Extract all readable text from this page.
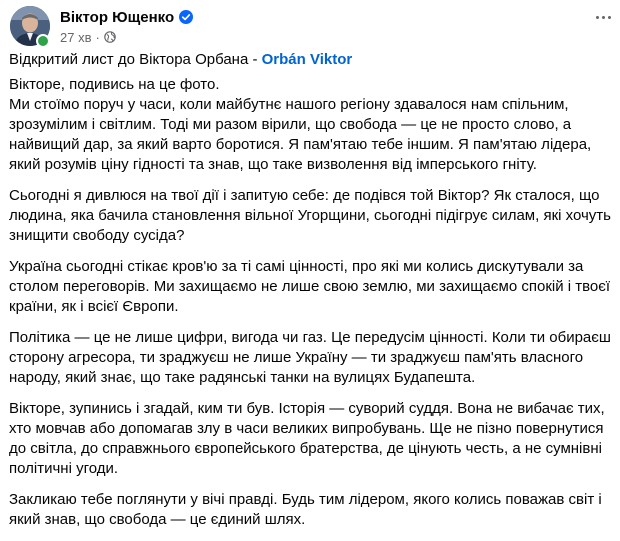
Віктор Ющенко
27 хв ·

Відкритий лист до Віктора Орбана - Orbán Viktor

Вікторе, подивись на це фото.
Ми стоїмо поруч у часи, коли майбутнє нашого регіону здавалося нам спільним, зрозумілим і світлим. Тоді ми разом вірили, що свобода — це не просто слово, а найвищий дар, за який варто боротися. Я пам'ятаю тебе іншим. Я пам'ятаю лідера, який розумів ціну гідності та знав, що таке визволення від імперського гніту.

Сьогодні я дивлюся на твої дії і запитую себе: де подівся той Віктор? Як сталося, що людина, яка бачила становлення вільної Угорщини, сьогодні підігрує силам, які хочуть знищити свободу сусіда?

Україна сьогодні стікає кров'ю за ті самі цінності, про які ми колись дискутували за столом переговорів. Ми захищаємо не лише свою землю, ми захищаємо спокій і твоєї країни, як і всієї Європи.

Політика — це не лише цифри, вигода чи газ. Це передусім цінності. Коли ти обираєш сторону агресора, ти зраджуєш не лише Україну — ти зраджуєш пам'ять власного народу, який знає, що таке радянські танки на вулицях Будапешта.

Вікторе, зупинись і згадай, ким ти був. Історія — суворий суддя. Вона не вибачає тих, хто мовчав або допомагав злу в часи великих випробувань. Ще не пізно повернутися до світла, до справжнього європейського братерства, де цінують честь, а не сумнівні політичні угоди.

Закликаю тебе поглянути у вічі правді. Будь тим лідером, якого колись поважав світ і який знав, що свобода — це єдиний шлях.
